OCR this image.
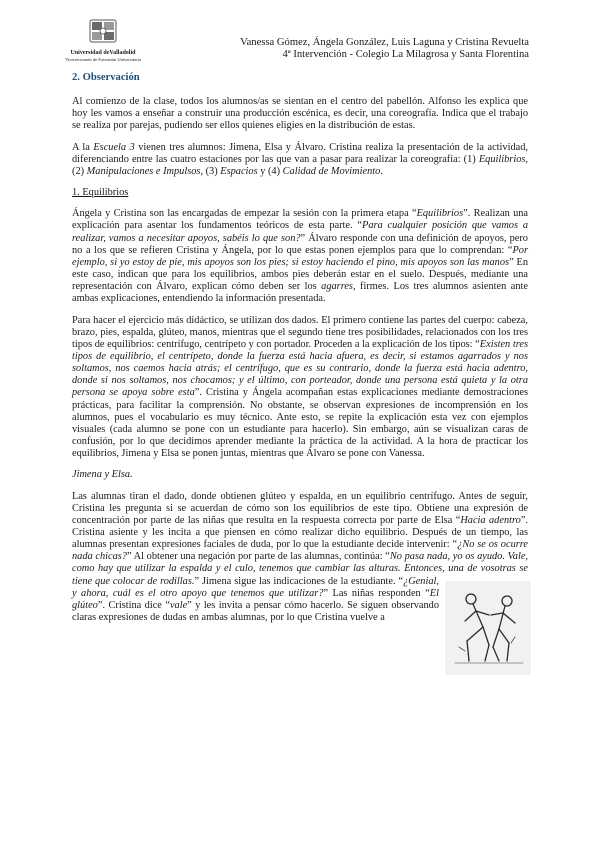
Universidad deValladolid
Vicerrectorado de Extensión Universitaria
Vanessa Gómez, Ángela González, Luis Laguna y Cristina Revuelta
4ª Intervención - Colegio La Milagrosa y Santa Florentina
2. Observación

Al comienzo de la clase, todos los alumnos/as se sientan en el centro del pabellón. Alfonso les explica que hoy les vamos a enseñar a construir una producción escénica, es decir, una coreografía. Indica que el trabajo se realiza por parejas, pudiendo ser ellos quienes eligies en la distribución de estas.

A la Escuela 3 vienen tres alumnos: Jimena, Elsa y Álvaro. Cristina realiza la presentación de la actividad, diferenciando entre las cuatro estaciones por las que van a pasar para realizar la coreografía: (1) Equilibrios, (2) Manipulaciones e Impulsos, (3) Espacios y (4) Calidad de Movimiento.

1. Equilibrios

Ángela y Cristina son las encargadas de empezar la sesión con la primera etapa “Equilibrios”. Realizan una explicación para asentar los fundamentos teóricos de esta parte. “Para cualquier posición que vamos a realizar, vamos a necesitar apoyos, sabéis lo que son?” Álvaro responde con una definición de apoyos, pero no a los que se refieren Cristina y Ángela, por lo que estas ponen ejemplos para que lo comprendan: “Por ejemplo, si yo estoy de pie, mis apoyos son los pies; si estoy haciendo el pino, mis apoyos son las manos” En este caso, indican que para los equilibrios, ambos pies deberán estar en el suelo. Después, mediante una representación con Álvaro, explican cómo deben ser los agarres, firmes. Los tres alumnos asienten ante ambas explicaciones, entendiendo la información presentada.

Para hacer el ejercicio más didáctico, se utilizan dos dados. El primero contiene las partes del cuerpo: cabeza, brazo, pies, espalda, glúteo, manos, mientras que el segundo tiene tres posibilidades, relacionados con los tres tipos de equilibrios: centrífugo, centrípeto y con portador. Proceden a la explicación de los tipos: “Existen tres tipos de equilibrio, el centrípeto, donde la fuerza está hacia afuera, es decir, si estamos agarrados y nos soltamos, nos caemos hacia atrás; el centrífugo, que es su contrario, donde la fuerza está hacia adentro, donde si nos soltamos, nos chocamos; y el último, con porteador, donde una persona está quieta y la otra persona se apoya sobre esta”. Cristina y Ángela acompañan estas explicaciones mediante demostraciones prácticas, para facilitar la comprensión. No obstante, se observan expresiones de incomprensión en los alumnos, pues el vocabulario es muy técnico. Ante esto, se repite la explicación esta vez con ejemplos visuales (cada alumno se pone con un estudiante para hacerlo). Sin embargo, aún se visualizan caras de confusión, por lo que decidimos aprender mediante la práctica de la actividad. A la hora de practicar los equilibrios, Jimena y Elsa se ponen juntas, mientras que Álvaro se pone con Vanessa.

Jimena y Elsa.

Las alumnas tiran el dado, donde obtienen glúteo y espalda, en un equilibrio centrífugo. Antes de seguir, Cristina les pregunta si se acuerdan de cómo son los equilibrios de este tipo. Obtiene una expresión de concentración por parte de las niñas que resulta en la respuesta correcta por parte de Elsa “Hacia adentro”. Cristina asiente y les incita a que piensen en cómo realizar dicho equilibrio. Después de un tiempo, las alumnas presentan expresiones faciales de duda, por lo que la estudiante decide intervenir: “¿No se os ocurre nada chicas?” Al obtener una negación por parte de las alumnas, continúa: “No pasa nada, yo os ayudo. Vale, como hay que utilizar la espalda y el culo, tenemos que cambiar las alturas. Entonces, una de vosotras se tiene que colocar de rodillas.” Jimena sigue las indicaciones de la estudiante. “
¿Genial, y ahora, cuál es el otro apoyo que tenemos que utilizar?” Las niñas responden “El glúteo”. Cristina dice “vale” y les invita a pensar cómo hacerlo. Se siguen observando claras expresiones de dudas en ambas alumnas, por lo que Cristina vuelve a
